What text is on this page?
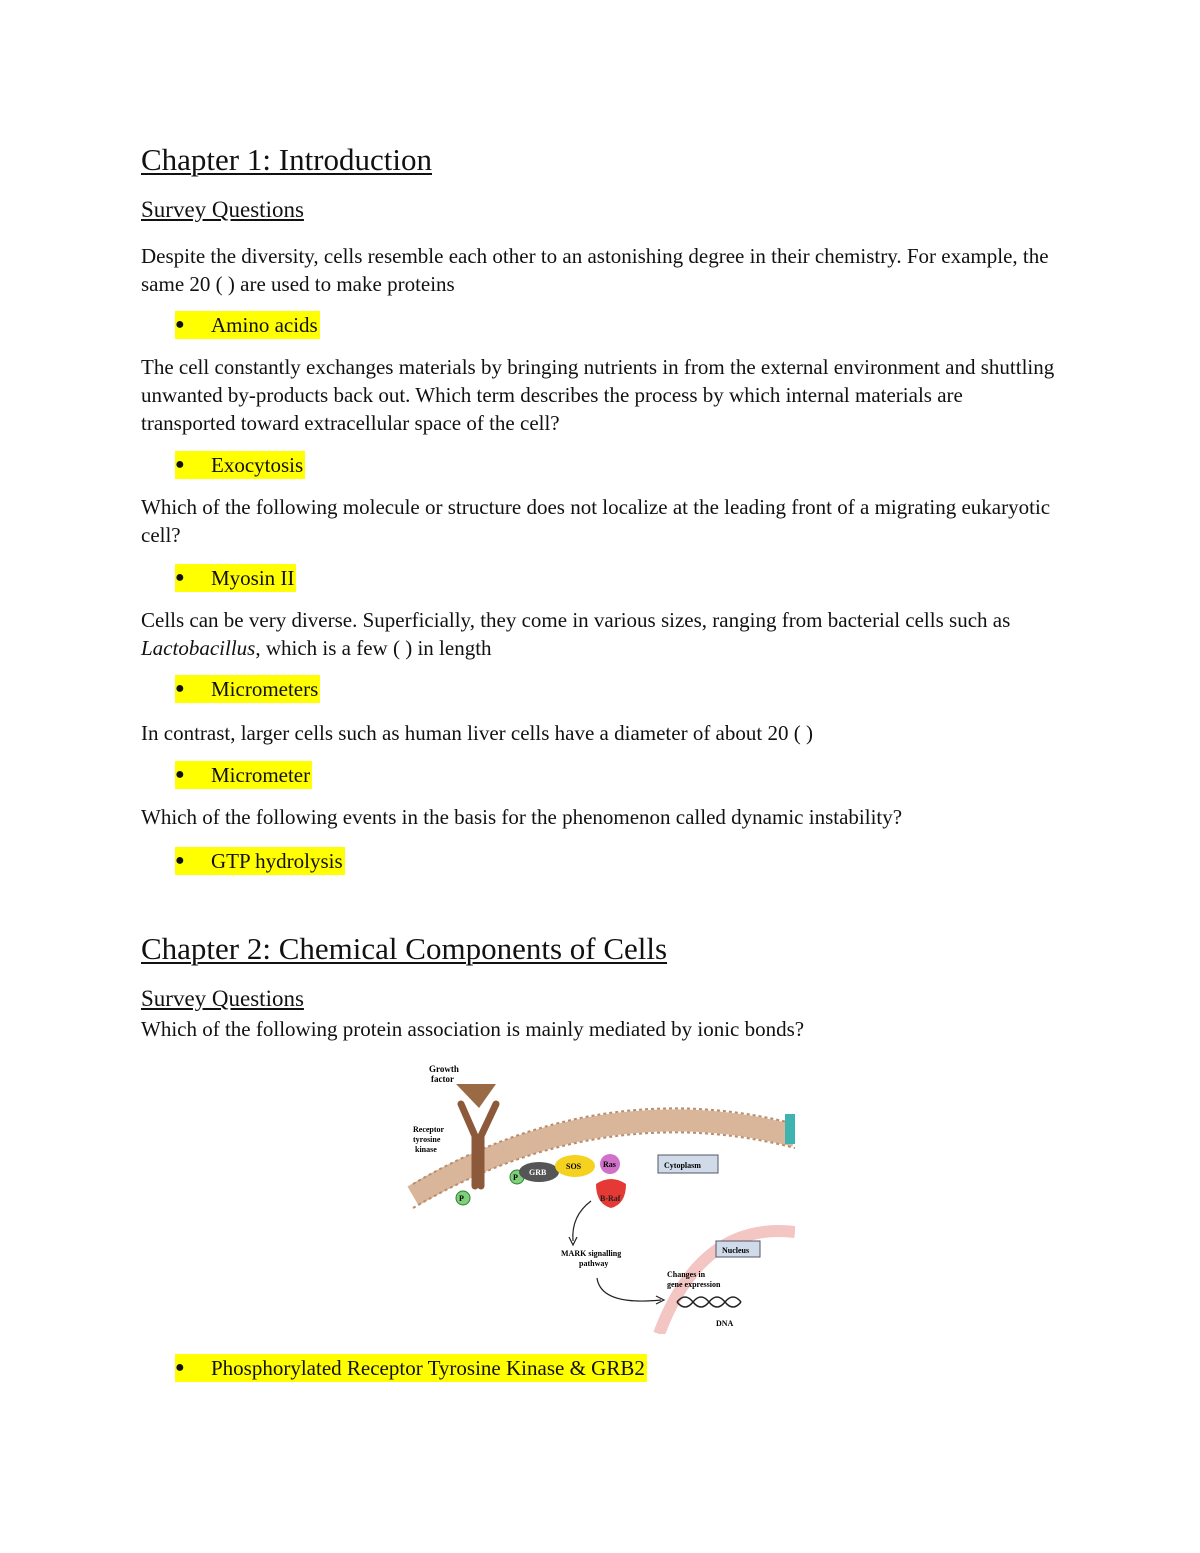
Chapter 1: Introduction
Survey Questions

Despite the diversity, cells resemble each other to an astonishing degree in their chemistry. For example, the same 20 ( ) are used to make proteins

● Amino acids

The cell constantly exchanges materials by bringing nutrients in from the external environment and shuttling unwanted by-products back out. Which term describes the process by which internal materials are transported toward extracellular space of the cell?

● Exocytosis

Which of the following molecule or structure does not localize at the leading front of a migrating eukaryotic cell?

● Myosin II

Cells can be very diverse. Superficially, they come in various sizes, ranging from bacterial cells such as Lactobacillus, which is a few ( ) in length

● Micrometers

In contrast, larger cells such as human liver cells have a diameter of about 20 ( )

● Micrometer

Which of the following events in the basis for the phenomenon called dynamic instability?

● GTP hydrolysis
Chapter 2: Chemical Components of Cells
Survey Questions

Which of the following protein association is mainly mediated by ionic bonds?

Growth factor
Receptor tyrosine kinase
P
P
GRB
SOS	Ras
B-Raf
Cytoplasm
Nucleus
MARK signalling pathway
Changes in gene expression
DNA
● Phosphorylated Receptor Tyrosine Kinase & GRB2
